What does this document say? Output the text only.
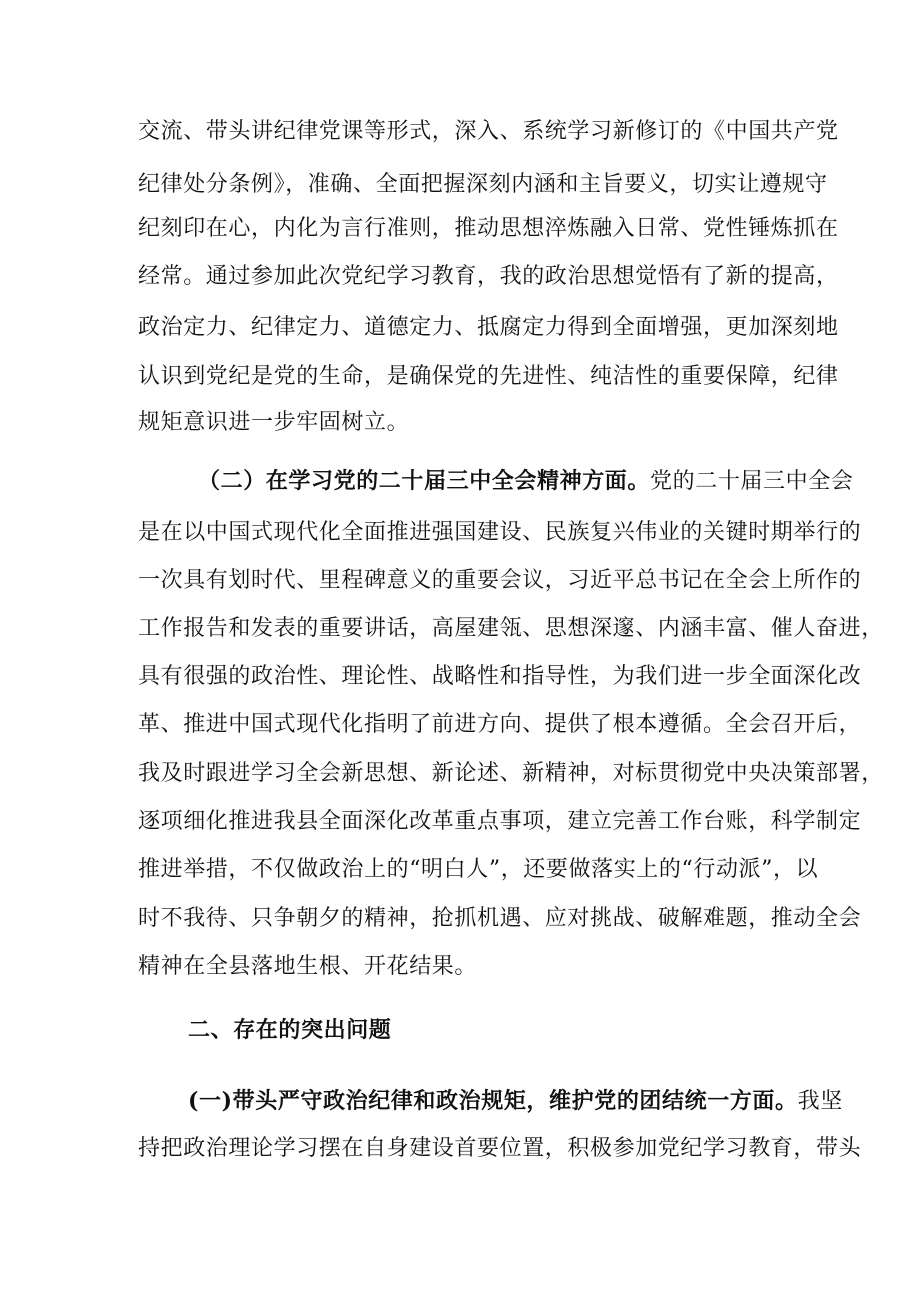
交流、带头讲纪律党课等形式，深入、系统学习新修订的《中国共产党
纪律处分条例》，准确、全面把握深刻内涵和主旨要义，切实让遵规守
纪刻印在心，内化为言行准则，推动思想淬炼融入日常、党性锤炼抓在
经常。通过参加此次党纪学习教育，我的政治思想觉悟有了新的提高，
政治定力、纪律定力、道德定力、抵腐定力得到全面增强，更加深刻地
认识到党纪是党的生命，是确保党的先进性、纯洁性的重要保障，纪律
规矩意识进一步牢固树立。
（二）在学习党的二十届三中全会精神方面。党的二十届三中全会
是在以中国式现代化全面推进强国建设、民族复兴伟业的关键时期举行的
一次具有划时代、里程碑意义的重要会议，习近平总书记在全会上所作的
工作报告和发表的重要讲话，高屋建瓴、思想深邃、内涵丰富、催人奋进，
具有很强的政治性、理论性、战略性和指导性，为我们进一步全面深化改
革、推进中国式现代化指明了前进方向、提供了根本遵循。全会召开后，
我及时跟进学习全会新思想、新论述、新精神，对标贯彻党中央决策部署，
逐项细化推进我县全面深化改革重点事项，建立完善工作台账，科学制定
推进举措，不仅做政治上的“明白人”，还要做落实上的“行动派”，以
时不我待、只争朝夕的精神，抢抓机遇、应对挑战、破解难题，推动全会
精神在全县落地生根、开花结果。
二、存在的突出问题
(一)带头严守政治纪律和政治规矩，维护党的团结统一方面。我坚
持把政治理论学习摆在自身建设首要位置，积极参加党纪学习教育，带头
